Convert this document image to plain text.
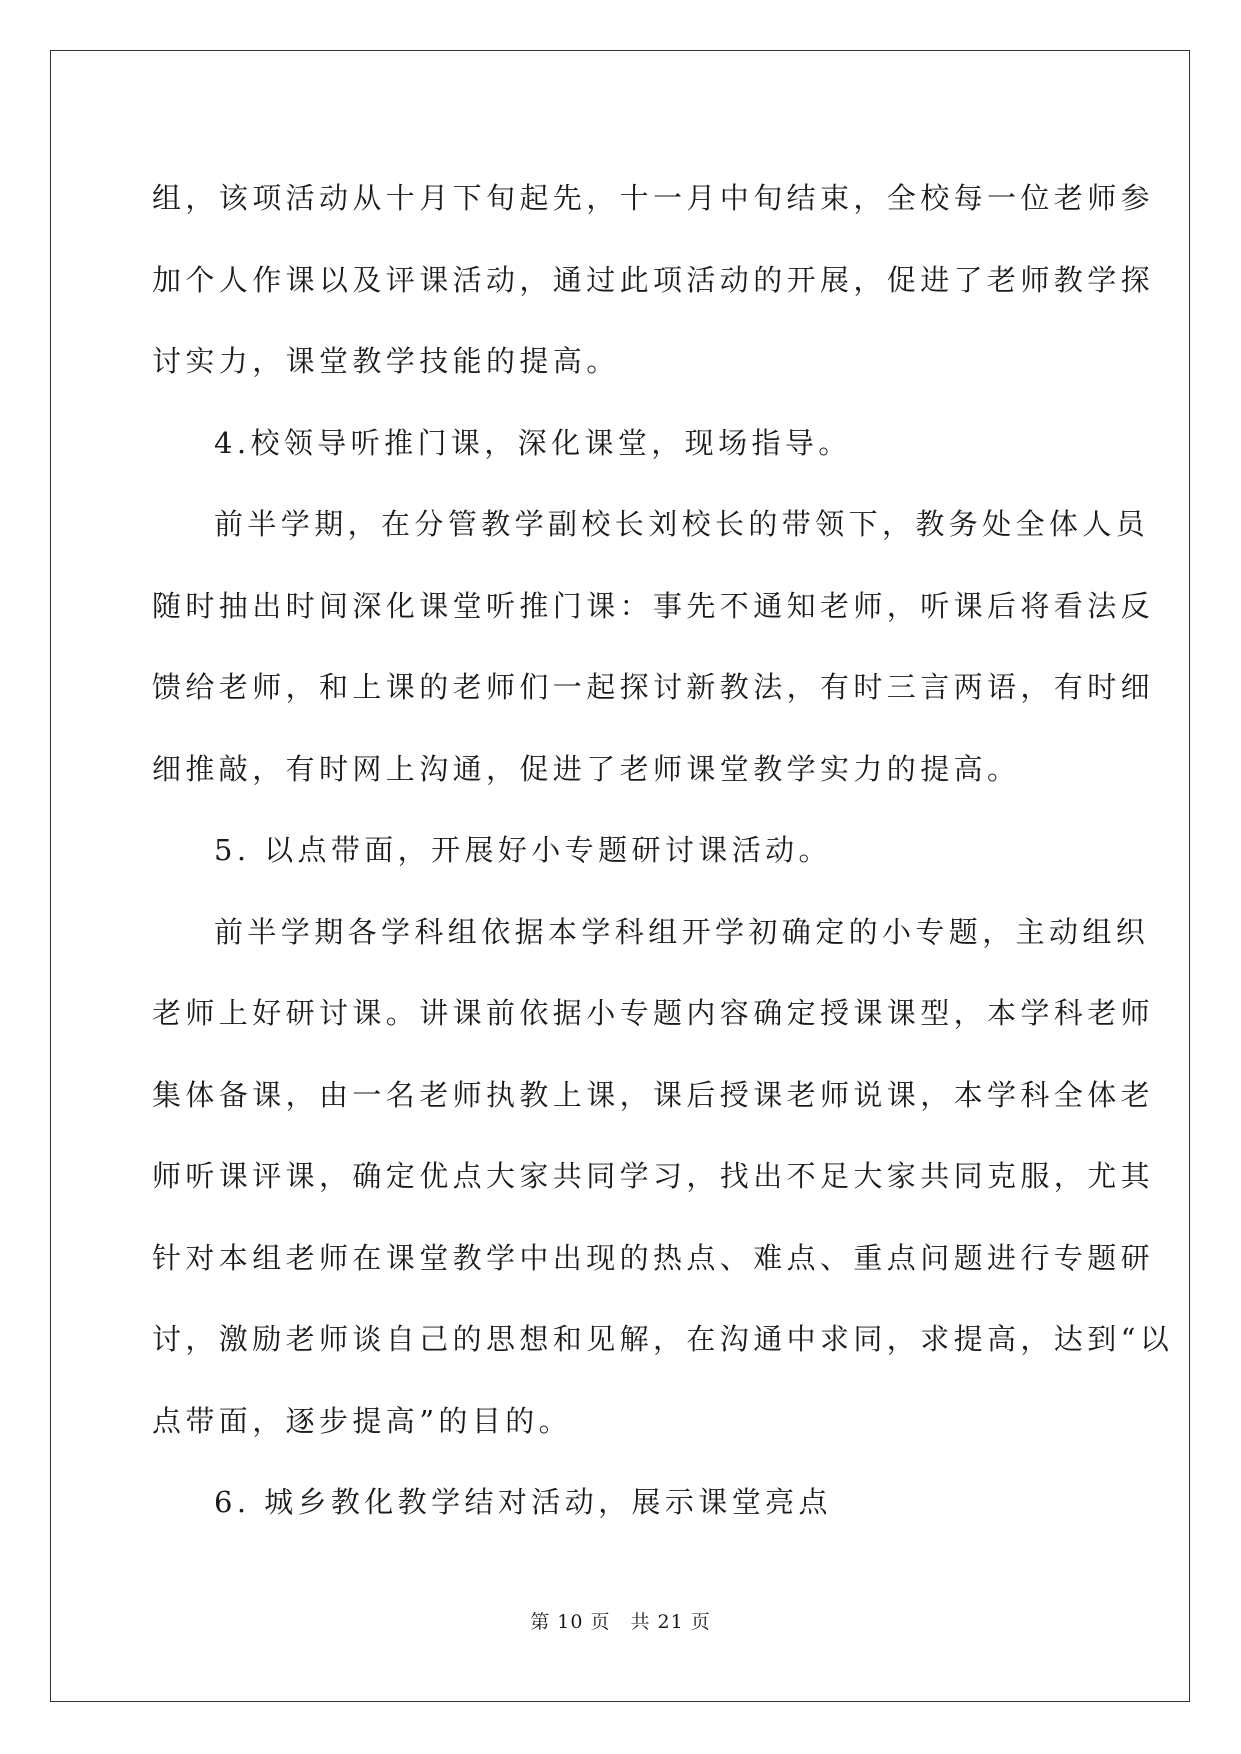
组，该项活动从十月下旬起先，十一月中旬结束，全校每一位老师参
加个人作课以及评课活动，通过此项活动的开展，促进了老师教学探
讨实力，课堂教学技能的提高。
4.校领导听推门课，深化课堂，现场指导。
前半学期，在分管教学副校长刘校长的带领下，教务处全体人员
随时抽出时间深化课堂听推门课：事先不通知老师，听课后将看法反
馈给老师，和上课的老师们一起探讨新教法，有时三言两语，有时细
细推敲，有时网上沟通，促进了老师课堂教学实力的提高。
5. 以点带面，开展好小专题研讨课活动。
前半学期各学科组依据本学科组开学初确定的小专题，主动组织
老师上好研讨课。讲课前依据小专题内容确定授课课型，本学科老师
集体备课，由一名老师执教上课，课后授课老师说课，本学科全体老
师听课评课，确定优点大家共同学习，找出不足大家共同克服，尤其
针对本组老师在课堂教学中出现的热点、难点、重点问题进行专题研
讨，激励老师谈自己的思想和见解，在沟通中求同，求提高，达到“以
点带面，逐步提高”的目的。
6. 城乡教化教学结对活动，展示课堂亮点
第 10 页 共 21 页
